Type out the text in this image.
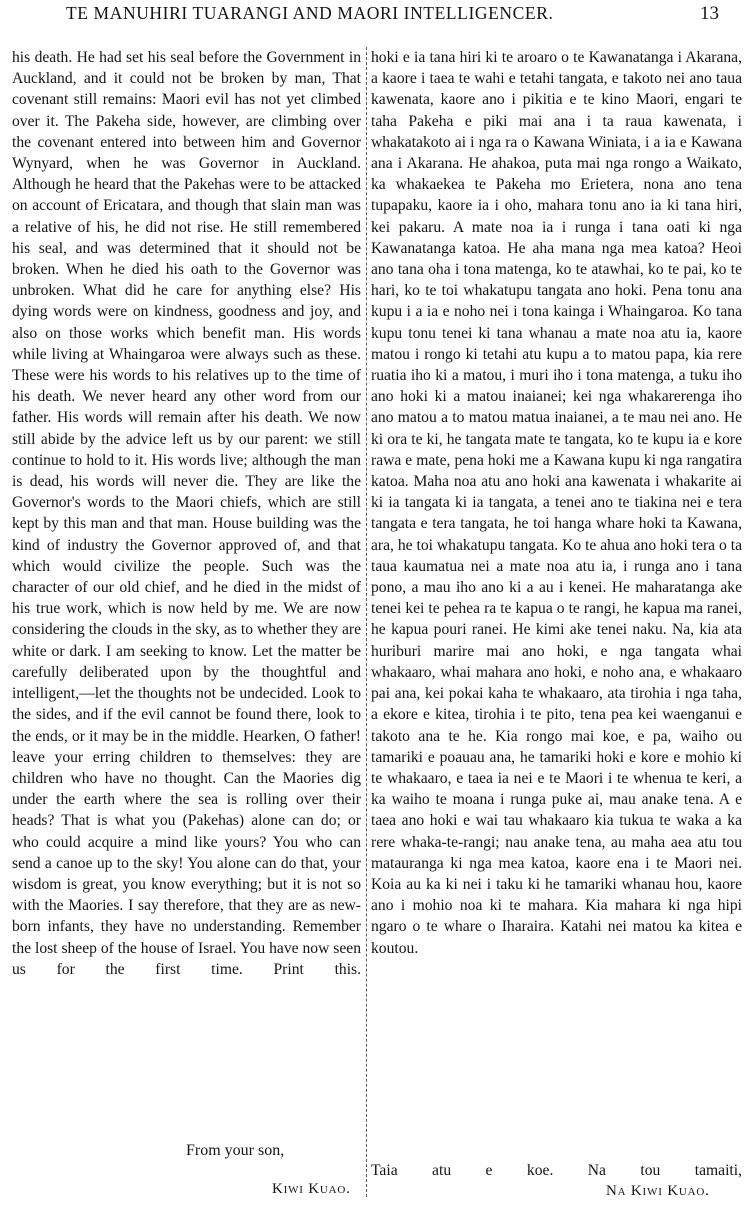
TE MANUHIRI TUARANGI AND MAORI INTELLIGENCER.	13

his death. He had set his seal before the Government in Auckland, and it could not be broken by man, That covenant still remains: Maori evil has not yet climbed over it. The Pakeha side, however, are climbing over the covenant entered into between him and Governor Wynyard, when he was Governor in Auckland. Although he heard that the Pakehas were to be attacked on account of Ericatara, and though that slain man was a relative of his, he did not rise. He still remembered his seal, and was determined that it should not be broken. When he died his oath to the Governor was unbroken. What did he care for anything else? His dying words were on kindness, goodness and joy, and also on those works which benefit man. His words while living at Whaingaroa were always such as these. These were his words to his relatives up to the time of his death. We never heard any other word from our father. His words will remain after his death. We now still abide by the advice left us by our parent: we still continue to hold to it. His words live; although the man is dead, his words will never die. They are like the Governor's words to the Maori chiefs, which are still kept by this man and that man. House building was the kind of industry the Governor approved of, and that which would civilize the people. Such was the character of our old chief, and he died in the midst of his true work, which is now held by me. We are now considering the clouds in the sky, as to whether they are white or dark. I am seeking to know. Let the matter be carefully deliberated upon by the thoughtful and intelligent,—let the thoughts not be undecided. Look to the sides, and if the evil cannot be found there, look to the ends, or it may be in the middle. Hearken, O father! leave your erring children to themselves: they are children who have no thought. Can the Maories dig under the earth where the sea is rolling over their heads? That is what you (Pakehas) alone can do; or who could acquire a mind like yours? You who can send a canoe up to the sky! You alone can do that, your wisdom is great, you know everything; but it is not so with the Maories. I say therefore, that they are as new-born infants, they have no understanding. Remember the lost sheep of the house of Israel. You have now seen us for the first time. Print this.

hoki e ia tana hiri ki te aroaro o te Kawanatanga i Akarana, a kaore i taea te wahi e tetahi tangata, e takoto nei ano taua kawenata, kaore ano i pikitia e te kino Maori, engari te taha Pakeha e piki mai ana i ta raua kawenata, i whakatakoto ai i nga ra o Kawana Winiata, i a ia e Kawana ana i Akarana. He ahakoa, puta mai nga rongo a Waikato, ka whakaekea te Pakeha mo Erietera, nona ano tena tupapaku, kaore ia i oho, mahara tonu ano ia ki tana hiri, kei pakaru. A mate noa ia i runga i tana oati ki nga Kawanatanga katoa. He aha mana nga mea katoa? Heoi ano tana oha i tona matenga, ko te atawhai, ko te pai, ko te hari, ko te toi whakatupu tangata ano hoki. Pena tonu ana kupu i a ia e noho nei i tona kainga i Whaingaroa. Ko tana kupu tonu tenei ki tana whanau a mate noa atu ia, kaore matou i rongo ki tetahi atu kupu a to matou papa, kia rere ruatia iho ki a matou, i muri iho i tona matenga, a tuku iho ano hoki ki a matou inaianei; kei nga whakarerenga iho ano matou a to matou matua inaianei, a te mau nei ano. He ki ora te ki, he tangata mate te tangata, ko te kupu ia e kore rawa e mate, pena hoki me a Kawana kupu ki nga rangatira katoa. Maha noa atu ano hoki ana kawenata i whakarite ai ki ia tangata ki ia tangata, a tenei ano te tiakina nei e tera tangata e tera tangata, he toi hanga whare hoki ta Kawana, ara, he toi whakatupu tangata. Ko te ahua ano hoki tera o ta taua kaumatua nei a mate noa atu ia, i runga ano i tana pono, a mau iho ano ki a au i kenei. He maharatanga ake tenei kei te pehea ra te kapua o te rangi, he kapua ma ranei, he kapua pouri ranei. He kimi ake tenei naku. Na, kia ata huriburi marire mai ano hoki, e nga tangata whai whakaaro, whai mahara ano hoki, e noho ana, e whakaaro pai ana, kei pokai kaha te whakaaro, ata tirohia i nga taha, a ekore e kitea, tirohia i te pito, tena pea kei waenganui e takoto ana te he. Kia rongo mai koe, e pa, waiho ou tamariki e poauau ana, he tamariki hoki e kore e mohio ki te whakaaro, e taea ia nei e te Maori i te whenua te keri, a ka waiho te moana i runga puke ai, mau anake tena. A e taea ano hoki e wai tau whakaaro kia tukua te waka a ka rere whaka-te-rangi; nau anake tena, au maha aea atu tou matauranga ki nga mea katoa, kaore ena i te Maori nei. Koia au ka ki nei i taku ki he tamariki whanau hou, kaore ano i mohio noa ki te mahara. Kia mahara ki nga hipi ngaro o te whare o Iharaira. Katahi nei matou ka kitea e koutou.

Taia atu e koe. Na tou tamaiti,

From your son,
Kiwi Kuao.	Na Kiwi Kuao.
